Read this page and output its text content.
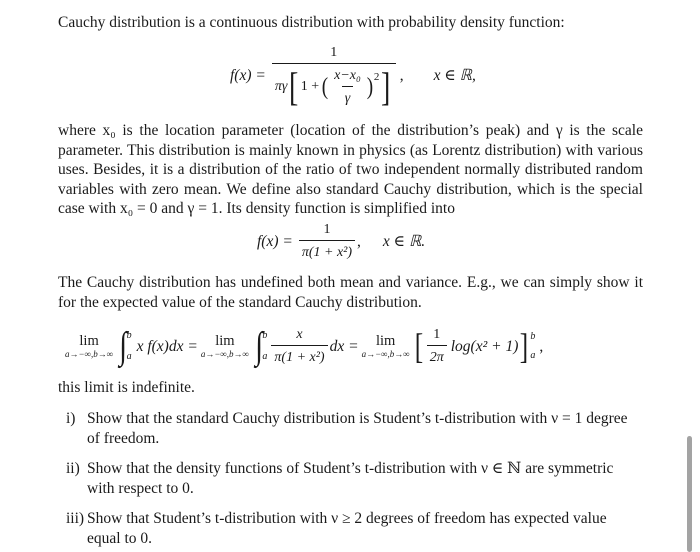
Cauchy distribution is a continuous distribution with probability density function:
f(x) =
1
πγ [ 1 + ( $\frac{\text{x−x₀}}{\gamma} )^2$ ] , x ∈ ℝ,
where x₀ is the location parameter (location of the distribution’s peak) and γ is the scale parameter. This distribution is mainly known in physics (as Lorentz distribution) with various uses. Besides, it is a distribution of the ratio of two independent normally distributed random variables with zero mean. We define also standard Cauchy distribution, which is the special case with x₀ = 0 and γ = 1. Its density function is simplified into
$f(x) = \frac{1}{\text{π(1 + x²)}}$ , x ∈ ℝ.
The Cauchy distribution has undefined both mean and variance. E.g., we can simply show it for the expected value of the standard Cauchy distribution.
lim
a→−∞,b→∞ ∫ b
a
x f(x)dx = lim
a→−∞,b→∞ ∫ b
a $\frac{x}{\text{π(1 + x²)}}$ dx = lim
a→−∞,b→∞ [ $\frac{1}{2\pi} \log(x^2 + 1)$ ] b
a
,
this limit is indefinite.
i) Show that the standard Cauchy distribution is Student’s t-distribution with ν = 1 degree of freedom.
ii) Show that the density functions of Student’s t-distribution with ν ∈ ℕ are symmetric with respect to 0.
iii) Show that Student’s t-distribution with ν ≥ 2 degrees of freedom has expected value equal to 0.
